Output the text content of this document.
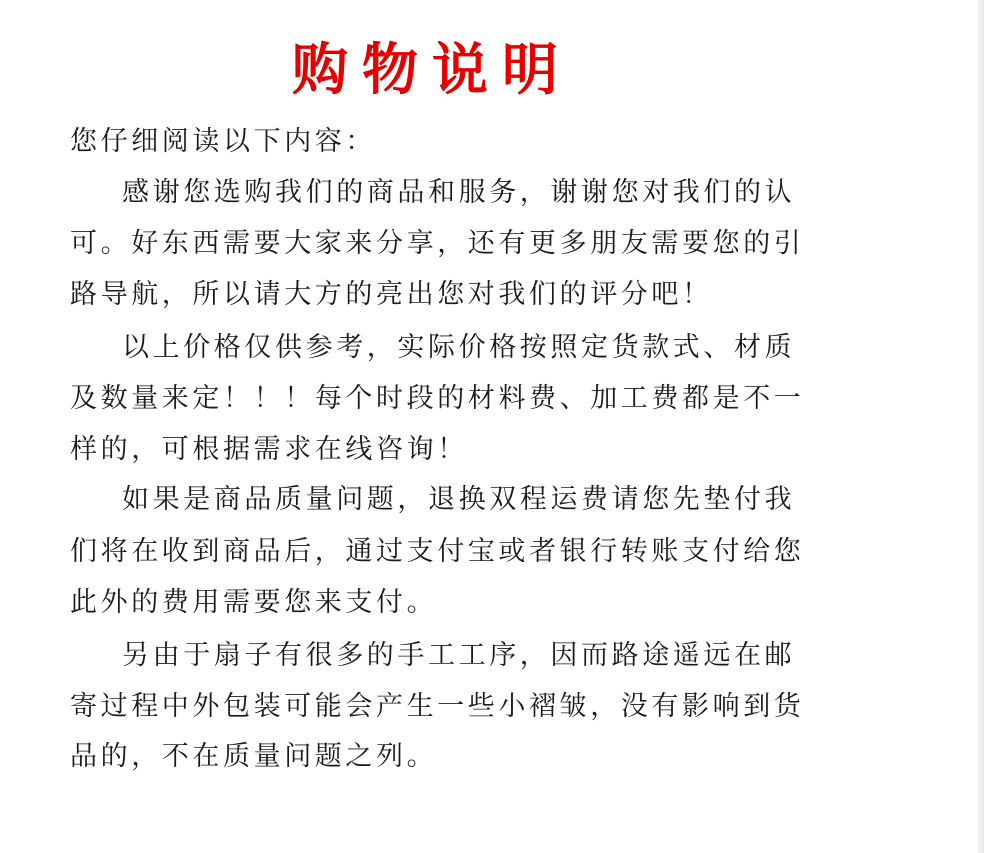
购物说明
您仔细阅读以下内容：
感谢您选购我们的商品和服务，谢谢您对我们的认
可。好东西需要大家来分享，还有更多朋友需要您的引
路导航，所以请大方的亮出您对我们的评分吧！
以上价格仅供参考，实际价格按照定货款式、材质
及数量来定！！！每个时段的材料费、加工费都是不一
样的，可根据需求在线咨询！
如果是商品质量问题，退换双程运费请您先垫付我
们将在收到商品后，通过支付宝或者银行转账支付给您
此外的费用需要您来支付。
另由于扇子有很多的手工工序，因而路途遥远在邮
寄过程中外包装可能会产生一些小褶皱，没有影响到货
品的，不在质量问题之列。
